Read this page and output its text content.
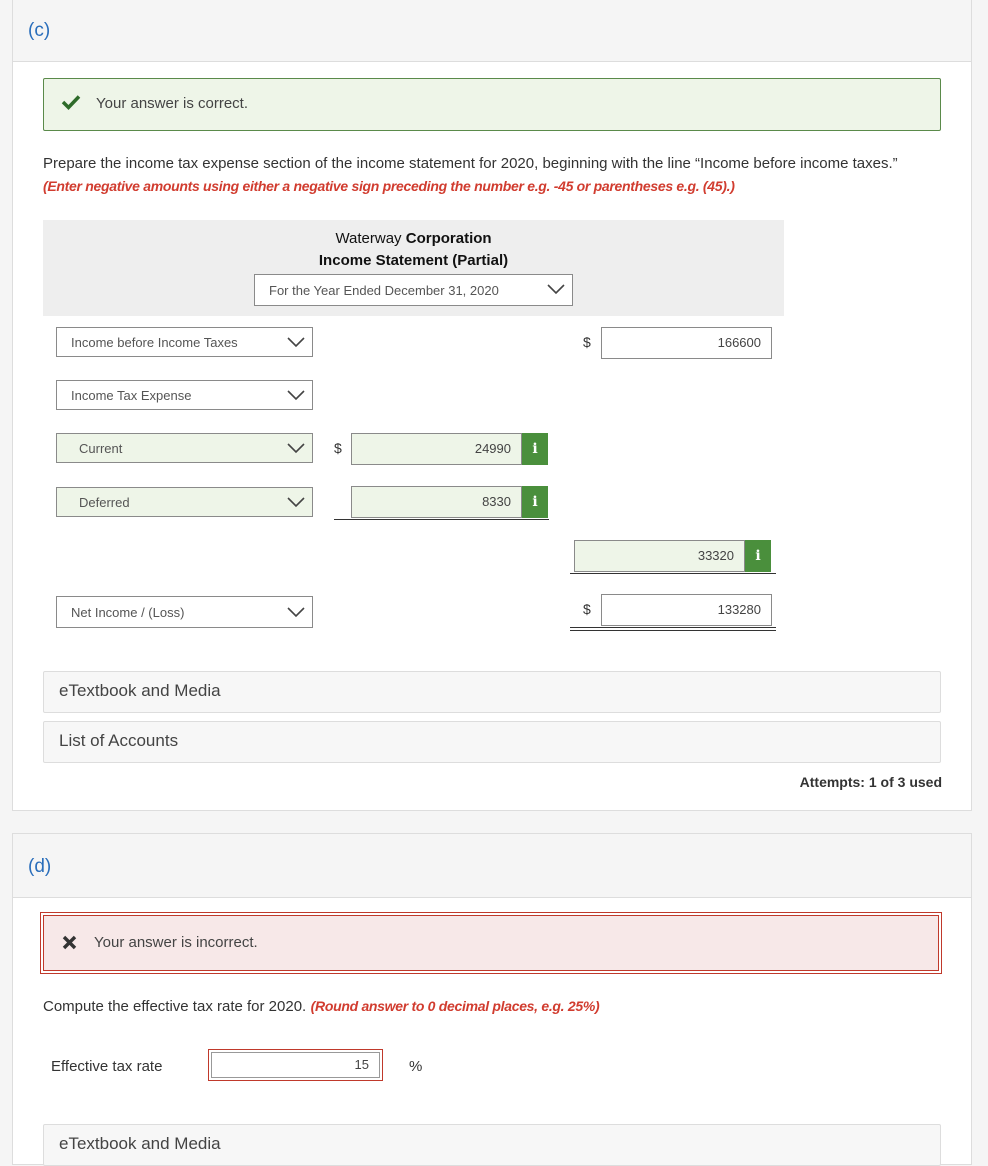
(c)
Your answer is correct.
Prepare the income tax expense section of the income statement for 2020, beginning with the line “Income before income taxes.”
(Enter negative amounts using either a negative sign preceding the number e.g. -45 or parentheses e.g. (45).)
Waterway Corporation
Income Statement (Partial)
For the Year Ended December 31, 2020
Income before Income Taxes	$	166600
Income Tax Expense
Current	$	24990	i
Deferred	8330	i
33320	i
Net Income / (Loss)	$	133280
eTextbook and Media
List of Accounts
Attempts: 1 of 3 used
(d)
Your answer is incorrect.
Compute the effective tax rate for 2020. (Round answer to 0 decimal places, e.g. 25%)
Effective tax rate	15	%
eTextbook and Media
